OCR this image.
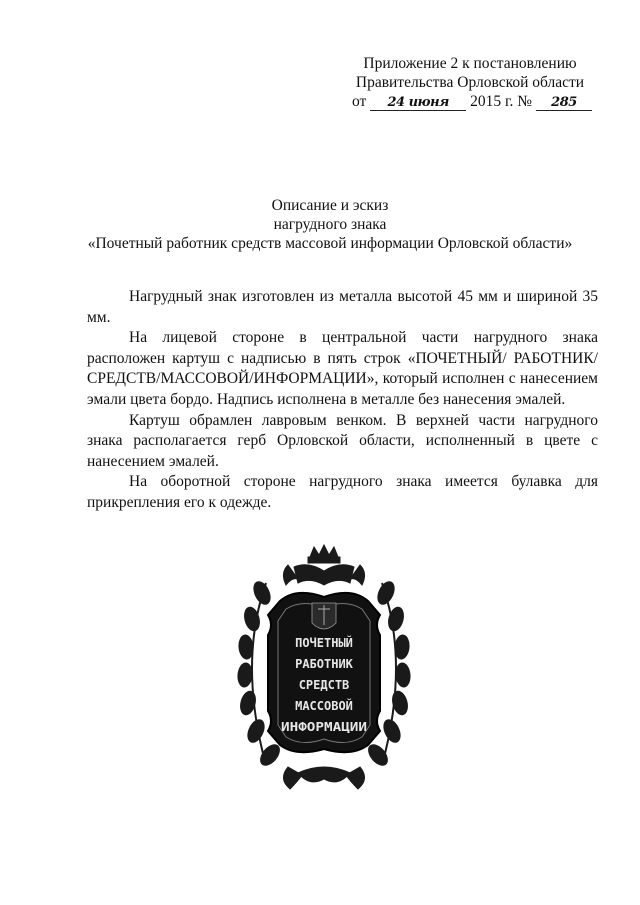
Приложение 2 к постановлению
Правительства Орловской области
от 24 июня 2015 г. № 285
Описание и эскиз
нагрудного знака
«Почетный работник средств массовой информации Орловской области»

Нагрудный знак изготовлен из металла высотой 45 мм и шириной 35 мм.

На лицевой стороне в центральной части нагрудного знака расположен картуш с надписью в пять строк «ПОЧЕТНЫЙ/ РАБОТНИК/СРЕДСТВ/МАССОВОЙ/ИНФОРМАЦИИ», который исполнен с нанесением эмали цвета бордо. Надпись исполнена в металле без нанесения эмалей.

Картуш обрамлен лавровым венком. В верхней части нагрудного знака располагается герб Орловской области, исполненный в цвете с нанесением эмалей.

На оборотной стороне нагрудного знака имеется булавка для прикрепления его к одежде.

ПОЧЕТНЫЙ
РАБОТНИК
СРЕДСТВ
МАССОВОЙ
ИНФОРМАЦИИ
